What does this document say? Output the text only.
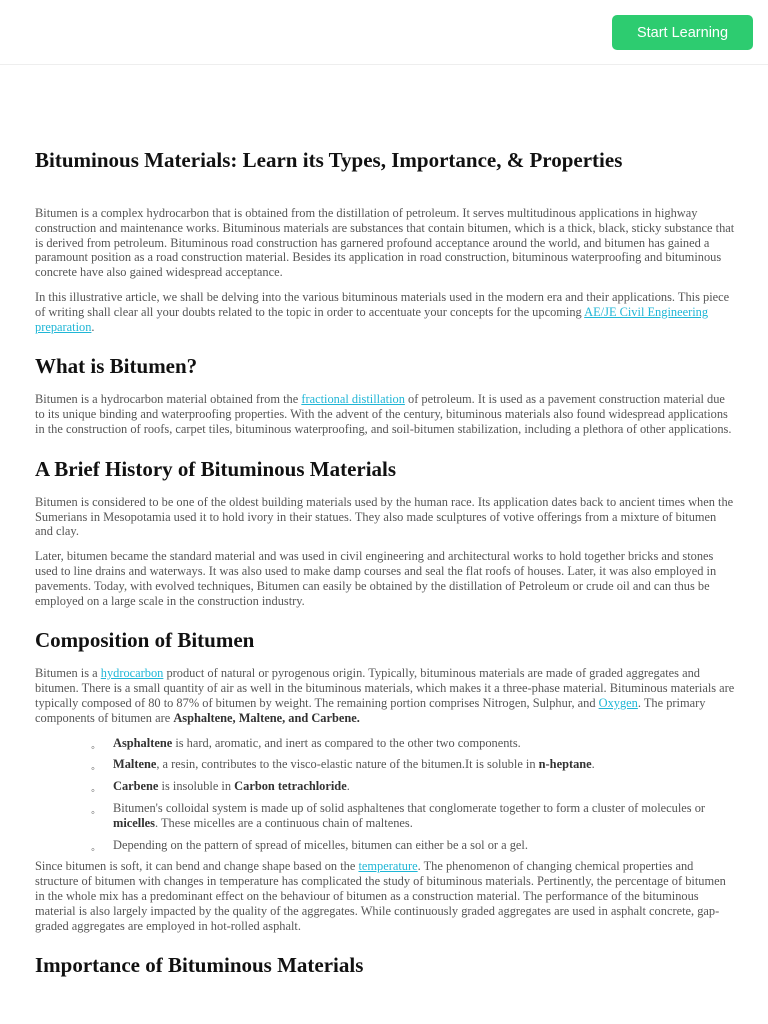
Start Learning
Bituminous Materials: Learn its Types, Importance, & Properties

Bitumen is a complex hydrocarbon that is obtained from the distillation of petroleum. It serves multitudinous applications in highway construction and maintenance works. Bituminous materials are substances that contain bitumen, which is a thick, black, sticky substance that is derived from petroleum. Bituminous road construction has garnered profound acceptance around the world, and bitumen has gained a paramount position as a road construction material. Besides its application in road construction, bituminous waterproofing and bituminous concrete have also gained widespread acceptance.

In this illustrative article, we shall be delving into the various bituminous materials used in the modern era and their applications. This piece of writing shall clear all your doubts related to the topic in order to accentuate your concepts for the upcoming AE/JE Civil Engineering preparation.

What is Bitumen?

Bitumen is a hydrocarbon material obtained from the fractional distillation of petroleum. It is used as a pavement construction material due to its unique binding and waterproofing properties. With the advent of the century, bituminous materials also found widespread applications in the construction of roofs, carpet tiles, bituminous waterproofing, and soil-bitumen stabilization, including a plethora of other applications.

A Brief History of Bituminous Materials

Bitumen is considered to be one of the oldest building materials used by the human race. Its application dates back to ancient times when the Sumerians in Mesopotamia used it to hold ivory in their statues. They also made sculptures of votive offerings from a mixture of bitumen and clay.

Later, bitumen became the standard material and was used in civil engineering and architectural works to hold together bricks and stones used to line drains and waterways. It was also used to make damp courses and seal the flat roofs of houses. Later, it was also employed in pavements. Today, with evolved techniques, Bitumen can easily be obtained by the distillation of Petroleum or crude oil and can thus be employed on a large scale in the construction industry.

Composition of Bitumen

Bitumen is a hydrocarbon product of natural or pyrogenous origin. Typically, bituminous materials are made of graded aggregates and bitumen. There is a small quantity of air as well in the bituminous materials, which makes it a three-phase material. Bituminous materials are typically composed of 80 to 87% of bitumen by weight. The remaining portion comprises Nitrogen, Sulphur, and Oxygen. The primary components of bitumen are Asphaltene, Maltene, and Carbene.

◦ Asphaltene is hard, aromatic, and inert as compared to the other two components.
◦ Maltene, a resin, contributes to the visco-elastic nature of the bitumen.It is soluble in n-heptane.
◦ Carbene is insoluble in Carbon tetrachloride.
◦ Bitumen's colloidal system is made up of solid asphaltenes that conglomerate together to form a cluster of molecules or micelles. These micelles are a continuous chain of maltenes.
◦ Depending on the pattern of spread of micelles, bitumen can either be a sol or a gel.

Since bitumen is soft, it can bend and change shape based on the temperature. The phenomenon of changing chemical properties and structure of bitumen with changes in temperature has complicated the study of bituminous materials. Pertinently, the percentage of bitumen in the whole mix has a predominant effect on the behaviour of bitumen as a construction material. The performance of the bituminous material is also largely impacted by the quality of the aggregates. While continuously graded aggregates are used in asphalt concrete, gap-graded aggregates are employed in hot-rolled asphalt.

Importance of Bituminous Materials
